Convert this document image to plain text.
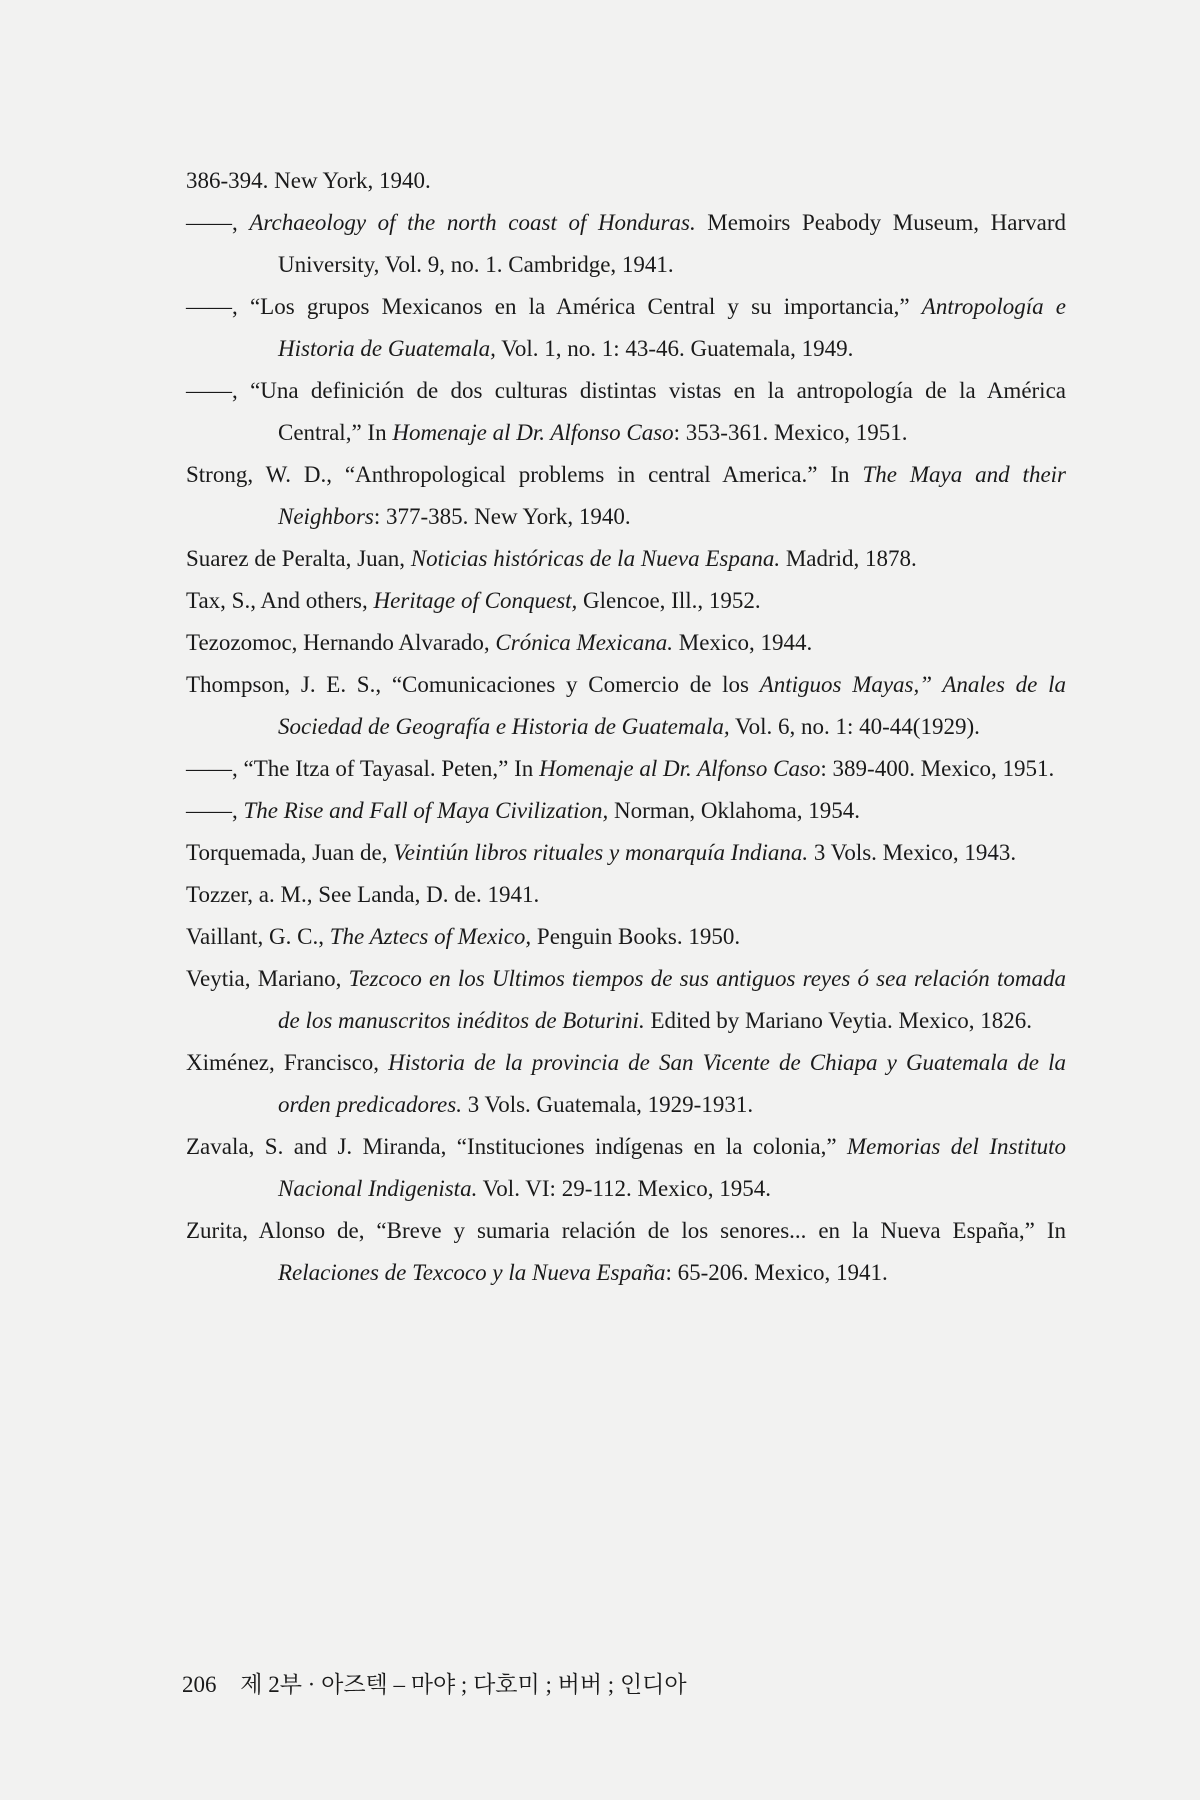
386-394. New York, 1940.

——, Archaeology of the north coast of Honduras. Memoirs Peabody Museum, Harvard University, Vol. 9, no. 1. Cambridge, 1941.

——, “Los grupos Mexicanos en la América Central y su importancia,” Antropología e Historia de Guatemala, Vol. 1, no. 1: 43-46. Guatemala, 1949.

——, “Una definición de dos culturas distintas vistas en la antropología de la América Central,” In Homenaje al Dr. Alfonso Caso: 353-361. Mexico, 1951.

Strong, W. D., “Anthropological problems in central America.” In The Maya and their Neighbors: 377-385. New York, 1940.

Suarez de Peralta, Juan, Noticias históricas de la Nueva Espana. Madrid, 1878.

Tax, S., And others, Heritage of Conquest, Glencoe, Ill., 1952.

Tezozomoc, Hernando Alvarado, Crónica Mexicana. Mexico, 1944.

Thompson, J. E. S., “Comunicaciones y Comercio de los Antiguos Mayas,” Anales de la Sociedad de Geografía e Historia de Guatemala, Vol. 6, no. 1: 40-44(1929).

——, “The Itza of Tayasal. Peten,” In Homenaje al Dr. Alfonso Caso: 389-400. Mexico, 1951.

——, The Rise and Fall of Maya Civilization, Norman, Oklahoma, 1954.

Torquemada, Juan de, Veintiún libros rituales y monarquía Indiana. 3 Vols. Mexico, 1943.

Tozzer, a. M., See Landa, D. de. 1941.

Vaillant, G. C., The Aztecs of Mexico, Penguin Books. 1950.

Veytia, Mariano, Tezcoco en los Ultimos tiempos de sus antiguos reyes ó sea relación tomada de los manuscritos inéditos de Boturini. Edited by Mariano Veytia. Mexico, 1826.

Ximénez, Francisco, Historia de la provincia de San Vicente de Chiapa y Guatemala de la orden predicadores. 3 Vols. Guatemala, 1929-1931.

Zavala, S. and J. Miranda, “Instituciones indígenas en la colonia,” Memorias del Instituto Nacional Indigenista. Vol. VI: 29-112. Mexico, 1954.

Zurita, Alonso de, “Breve y sumaria relación de los senores... en la Nueva España,” In Relaciones de Texcoco y la Nueva España: 65-206. Mexico, 1941.

206 제 2부 · 아즈텍 – 마야 ; 다호미 ; 버버 ; 인디아
